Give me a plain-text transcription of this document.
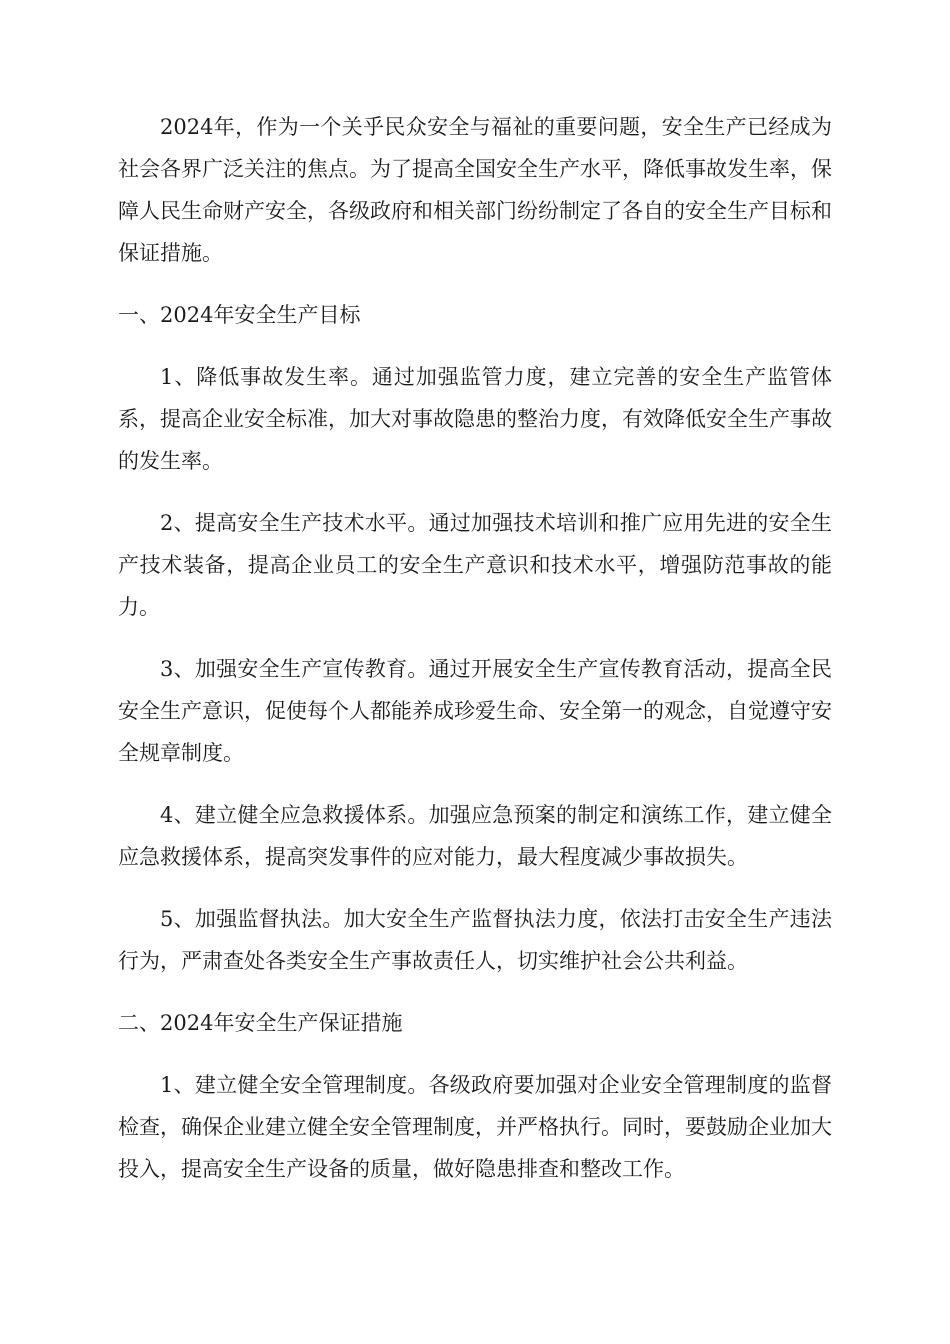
2024年，作为一个关乎民众安全与福祉的重要问题，安全生产已经成为社会各界广泛关注的焦点。为了提高全国安全生产水平，降低事故发生率，保障人民生命财产安全，各级政府和相关部门纷纷制定了各自的安全生产目标和保证措施。

一、2024年安全生产目标

1、降低事故发生率。通过加强监管力度，建立完善的安全生产监管体系，提高企业安全标准，加大对事故隐患的整治力度，有效降低安全生产事故的发生率。

2、提高安全生产技术水平。通过加强技术培训和推广应用先进的安全生产技术装备，提高企业员工的安全生产意识和技术水平，增强防范事故的能力。

3、加强安全生产宣传教育。通过开展安全生产宣传教育活动，提高全民安全生产意识，促使每个人都能养成珍爱生命、安全第一的观念，自觉遵守安全规章制度。

4、建立健全应急救援体系。加强应急预案的制定和演练工作，建立健全应急救援体系，提高突发事件的应对能力，最大程度减少事故损失。

5、加强监督执法。加大安全生产监督执法力度，依法打击安全生产违法行为，严肃查处各类安全生产事故责任人，切实维护社会公共利益。

二、2024年安全生产保证措施

1、建立健全安全管理制度。各级政府要加强对企业安全管理制度的监督检查，确保企业建立健全安全管理制度，并严格执行。同时，要鼓励企业加大投入，提高安全生产设备的质量，做好隐患排查和整改工作。
